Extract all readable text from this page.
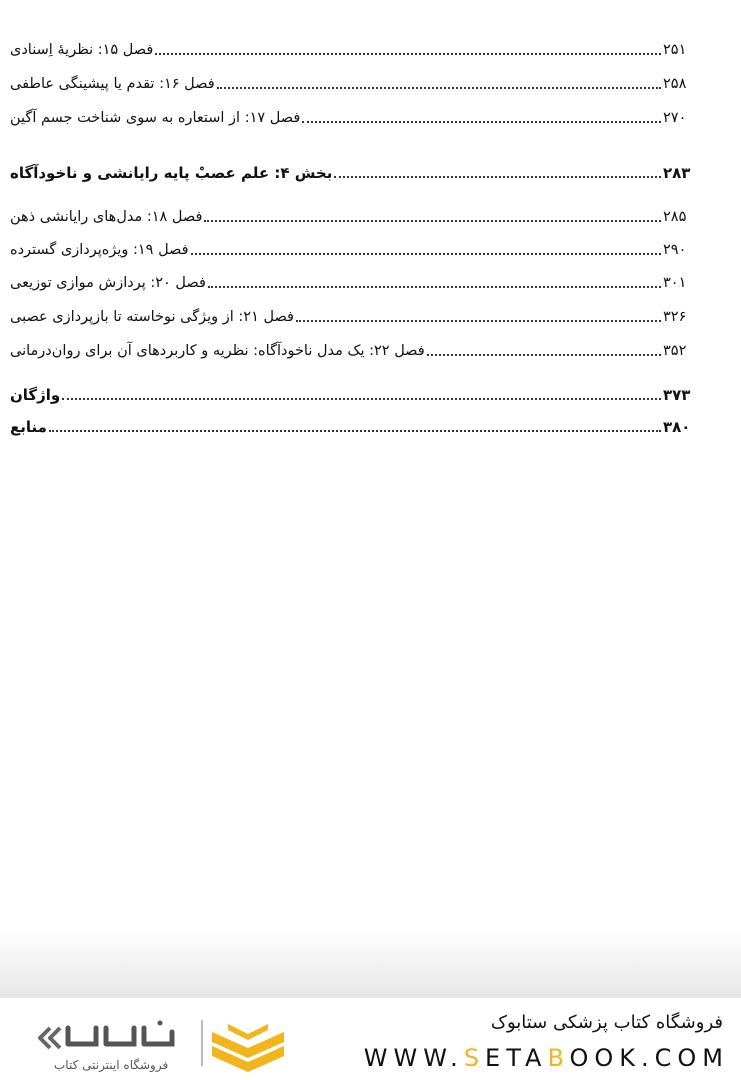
فصل ۱۵: نظریهٔ اِسنادی	۲۵۱
فصل ۱۶: تقدم یا پیشینگی عاطفی	۲۵۸
فصل ۱۷: از استعاره به سوی شناخت جسم آگین	۲۷۰
بخش ۴: علم عصبْ پایه رایانشی و ناخودآگاه	۲۸۳
فصل ۱۸: مدل‌های رایانشی ذهن	۲۸۵
فصل ۱۹: ویژه‌پردازی گسترده	۲۹۰
فصل ۲۰: پردازش موازی توزیعی	۳۰۱
فصل ۲۱: از ویژگی نوخاسته تا بازپردازی عصبی	۳۲۶
فصل ۲۲: یک مدل ناخودآگاه: نظریه و کاربردهای آن برای روان‌درمانی	۳۵۲
واژگان	۳۷۳
منابع	۳۸۰
فروشگاه کتاب پزشکی ستابوک
WWW.SETABOOK.COM
فروشگاه اینترنتی کتاب
